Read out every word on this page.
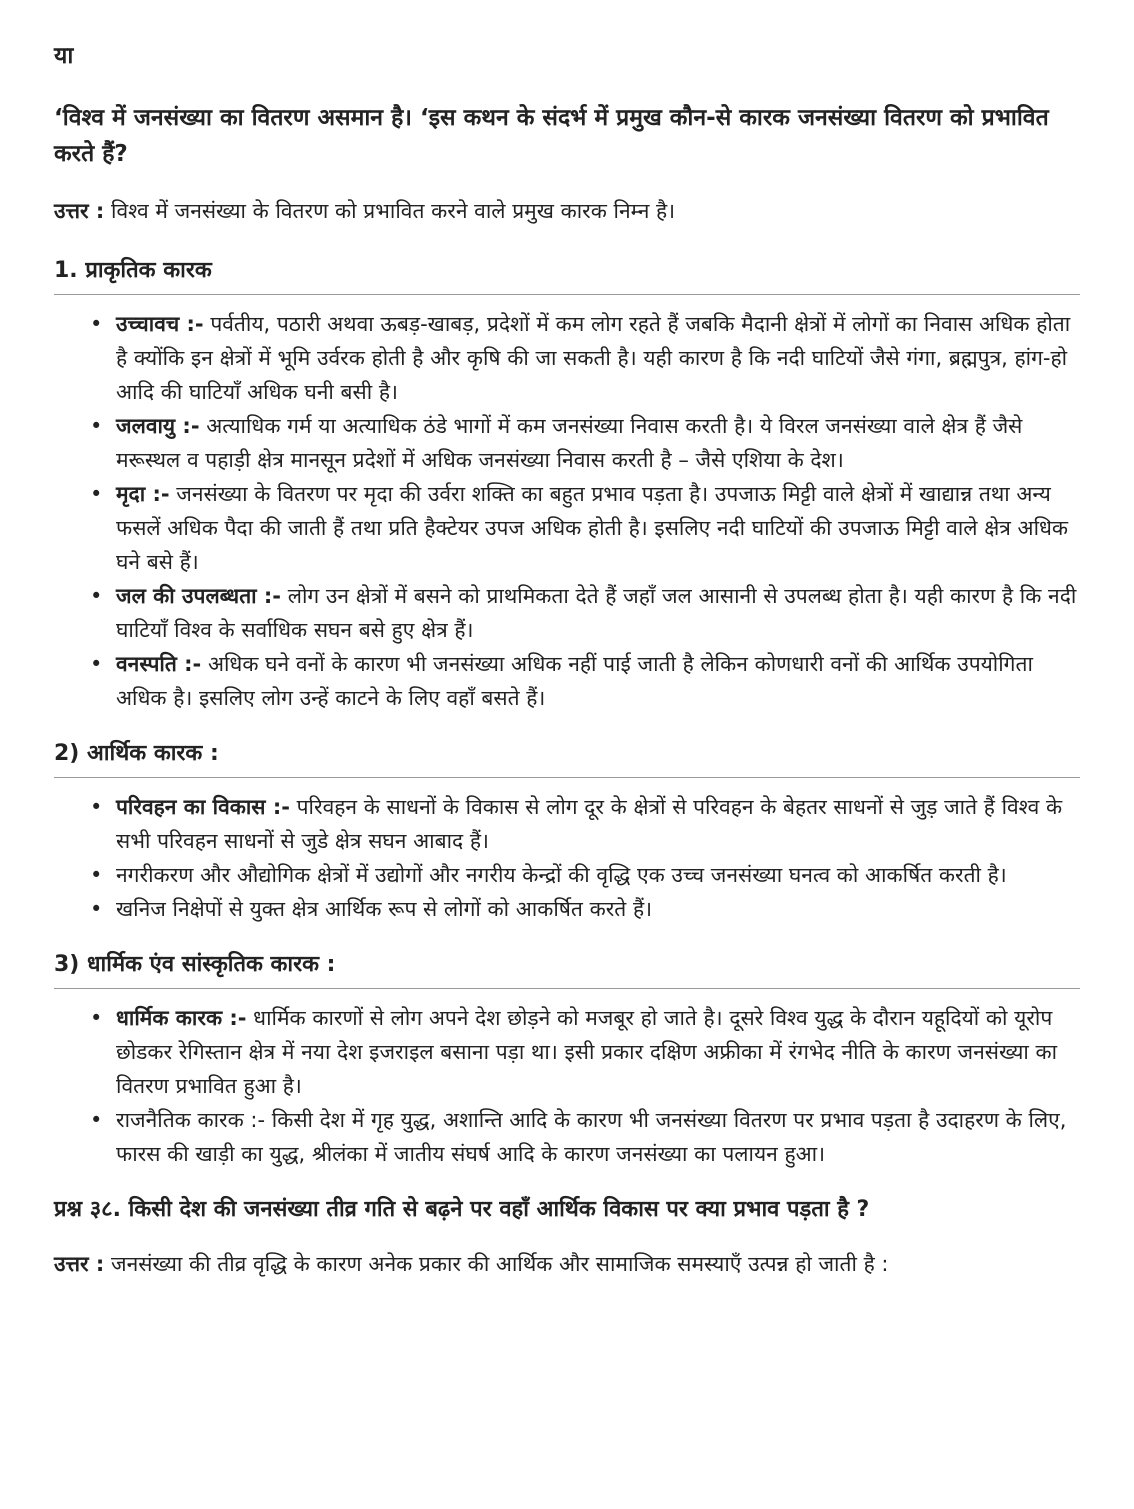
या

‘विश्व में जनसंख्या का वितरण असमान है। ‘इस कथन के संदर्भ में प्रमुख कौन-से कारक जनसंख्या वितरण को प्रभावित करते हैं?

उत्तर : विश्व में जनसंख्या के वितरण को प्रभावित करने वाले प्रमुख कारक निम्न है।

1. प्राकृतिक कारक
• उच्चावच :- पर्वतीय, पठारी अथवा ऊबड़-खाबड़, प्रदेशों में कम लोग रहते हैं जबकि मैदानी क्षेत्रों में लोगों का निवास अधिक होता है क्योंकि इन क्षेत्रों में भूमि उर्वरक होती है और कृषि की जा सकती है। यही कारण है कि नदी घाटियों जैसे गंगा, ब्रह्मपुत्र, हांग-हो आदि की घाटियाँ अधिक घनी बसी है।
• जलवायु :- अत्याधिक गर्म या अत्याधिक ठंडे भागों में कम जनसंख्या निवास करती है। ये विरल जनसंख्या वाले क्षेत्र हैं जैसे मरूस्थल व पहाड़ी क्षेत्र मानसून प्रदेशों में अधिक जनसंख्या निवास करती है – जैसे एशिया के देश।
• मृदा :- जनसंख्या के वितरण पर मृदा की उर्वरा शक्ति का बहुत प्रभाव पड़ता है। उपजाऊ मिट्टी वाले क्षेत्रों में खाद्यान्न तथा अन्य फसलें अधिक पैदा की जाती हैं तथा प्रति हैक्टेयर उपज अधिक होती है। इसलिए नदी घाटियों की उपजाऊ मिट्टी वाले क्षेत्र अधिक घने बसे हैं।
• जल की उपलब्धता :- लोग उन क्षेत्रों में बसने को प्राथमिकता देते हैं जहाँ जल आसानी से उपलब्ध होता है। यही कारण है कि नदी घाटियाँ विश्व के सर्वाधिक सघन बसे हुए क्षेत्र हैं।
• वनस्पति :- अधिक घने वनों के कारण भी जनसंख्या अधिक नहीं पाई जाती है लेकिन कोणधारी वनों की आर्थिक उपयोगिता अधिक है। इसलिए लोग उन्हें काटने के लिए वहाँ बसते हैं।
2) आर्थिक कारक :
• परिवहन का विकास :- परिवहन के साधनों के विकास से लोग दूर के क्षेत्रों से परिवहन के बेहतर साधनों से जुड़ जाते हैं विश्व के सभी परिवहन साधनों से जुडे क्षेत्र सघन आबाद हैं।
• नगरीकरण और औद्योगिक क्षेत्रों में उद्योगों और नगरीय केन्द्रों की वृद्धि एक उच्च जनसंख्या घनत्व को आकर्षित करती है।
• खनिज निक्षेपों से युक्त क्षेत्र आर्थिक रूप से लोगों को आकर्षित करते हैं।
3) धार्मिक एंव सांस्कृतिक कारक :
• धार्मिक कारक :- धार्मिक कारणों से लोग अपने देश छोड़ने को मजबूर हो जाते है। दूसरे विश्व युद्ध के दौरान यहूदियों को यूरोप छोडकर रेगिस्तान क्षेत्र में नया देश इजराइल बसाना पड़ा था। इसी प्रकार दक्षिण अफ्रीका में रंगभेद नीति के कारण जनसंख्या का वितरण प्रभावित हुआ है।
• राजनैतिक कारक :- किसी देश में गृह युद्ध, अशान्ति आदि के कारण भी जनसंख्या वितरण पर प्रभाव पड़ता है उदाहरण के लिए, फारस की खाड़ी का युद्ध, श्रीलंका में जातीय संघर्ष आदि के कारण जनसंख्या का पलायन हुआ।

प्रश्न ३८. किसी देश की जनसंख्या तीव्र गति से बढ़ने पर वहाँ आर्थिक विकास पर क्या प्रभाव पड़ता है ?

उत्तर : जनसंख्या की तीव्र वृद्धि के कारण अनेक प्रकार की आर्थिक और सामाजिक समस्याएँ उत्पन्न हो जाती है :
